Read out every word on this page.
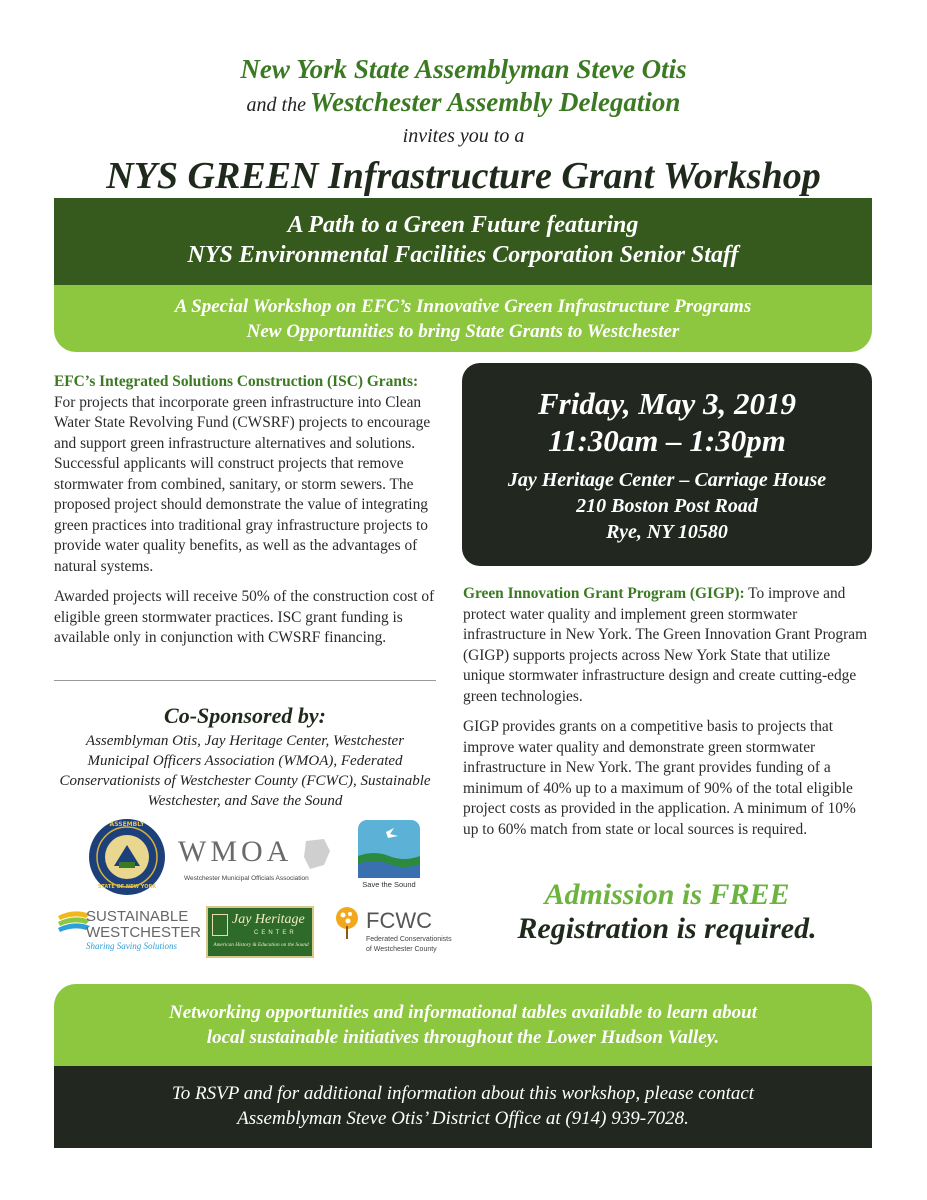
New York State Assemblyman Steve Otis
and the Westchester Assembly Delegation
invites you to a
NYS GREEN Infrastructure Grant Workshop
A Path to a Green Future featuring
NYS Environmental Facilities Corporation Senior Staff
A Special Workshop on EFC’s Innovative Green Infrastructure Programs
New Opportunities to bring State Grants to Westchester

EFC’s Integrated Solutions Construction (ISC) Grants:
For projects that incorporate green infrastructure into Clean Water State Revolving Fund (CWSRF) projects to encourage and support green infrastructure alternatives and solutions. Successful applicants will construct projects that remove stormwater from combined, sanitary, or storm sewers. The proposed project should demonstrate the value of integrating green practices into traditional gray infrastructure projects to provide water quality benefits, as well as the advantages of natural systems.

Awarded projects will receive 50% of the construction cost of eligible green stormwater practices. ISC grant funding is available only in conjunction with CWSRF financing.

Friday, May 3, 2019
11:30am – 1:30pm
Jay Heritage Center – Carriage House
210 Boston Post Road
Rye, NY 10580

Green Innovation Grant Program (GIGP): To improve and protect water quality and implement green stormwater infrastructure in New York. The Green Innovation Grant Program (GIGP) supports projects across New York State that utilize unique stormwater infrastructure design and create cutting-edge green technologies.

GIGP provides grants on a competitive basis to projects that improve water quality and demonstrate green stormwater infrastructure in New York. The grant provides funding of a minimum of 40% up to a maximum of 90% of the total eligible project costs as provided in the application. A minimum of 10% up to 60% match from state or local sources is required.

Co-Sponsored by:
Assemblyman Otis, Jay Heritage Center, Westchester Municipal Officers Association (WMOA), Federated Conservationists of Westchester County (FCWC), Sustainable Westchester, and Save the Sound
ASSEMBLY
STATE OF NEW YORK
WMOA
Westchester Municipal Officials Association
Save the Sound
SUSTAINABLE
WESTCHESTER
Sharing Saving Solutions
Jay Heritage
CENTER
American History & Education on the Sound
FCWC
Federated Conservationists
of Westchester County
Admission is FREE
Registration is required.
Networking opportunities and informational tables available to learn about
local sustainable initiatives throughout the Lower Hudson Valley.
To RSVP and for additional information about this workshop, please contact
Assemblyman Steve Otis’ District Office at (914) 939-7028.
